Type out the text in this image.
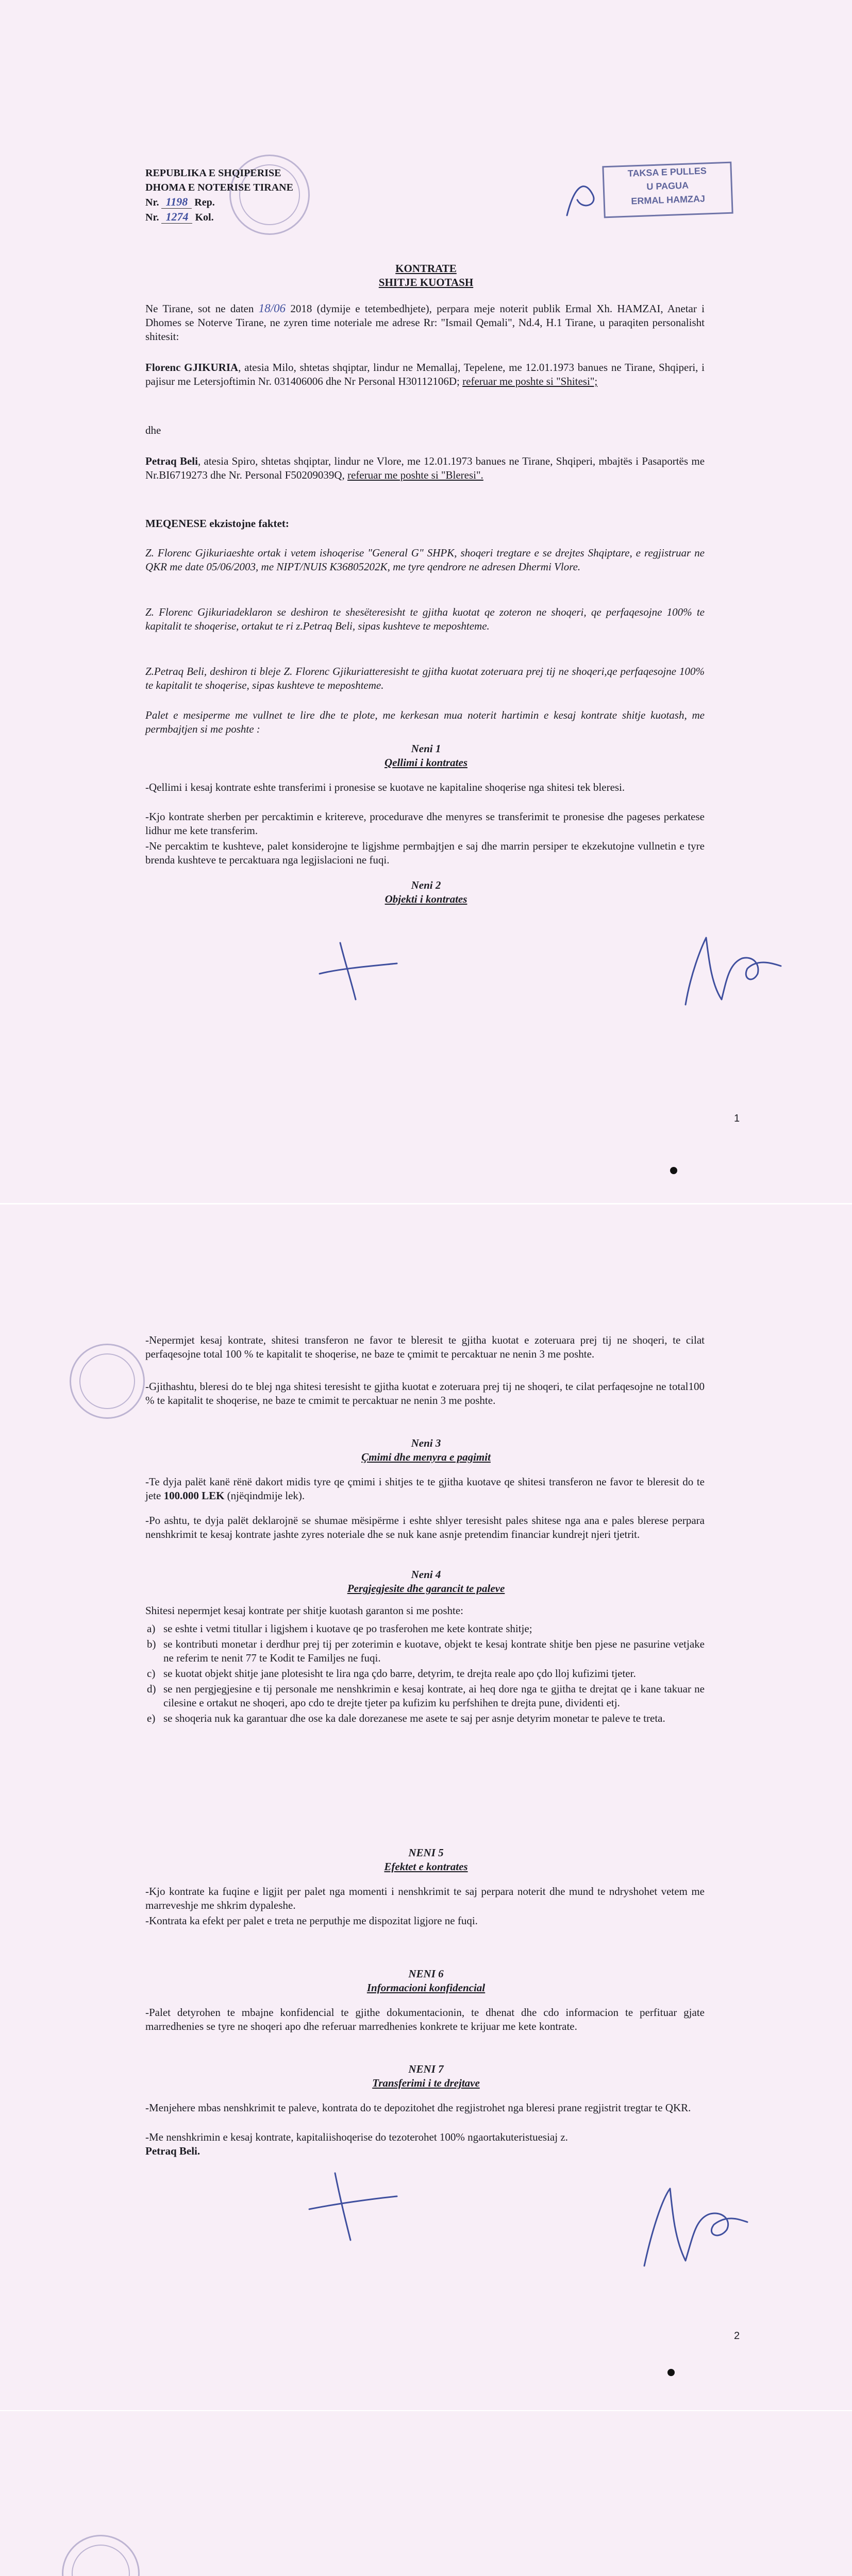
REPUBLIKA E SHQIPERISE
DHOMA E NOTERISE TIRANE
Nr. 1198 Rep.
Nr. 1274 Kol.
TAKSA E PULLES
U PAGUA
ERMAL HAMZAJ
KONTRATE
SHITJE KUOTASH
Ne Tirane, sot ne daten 18/06 2018 (dymije e tetembedhjete), perpara meje noterit publik Ermal Xh. HAMZAI, Anetar i Dhomes se Noterve Tirane, ne zyren time noteriale me adrese Rr: "Ismail Qemali", Nd.4, H.1 Tirane, u paraqiten personalisht shitesit:
Florenc GJIKURIA, atesia Milo, shtetas shqiptar, lindur ne Memallaj, Tepelene, me 12.01.1973 banues ne Tirane, Shqiperi, i pajisur me Letersjoftimin Nr. 031406006 dhe Nr Personal H30112106D; referuar me poshte si "Shitesi";
dhe
Petraq Beli, atesia Spiro, shtetas shqiptar, lindur ne Vlore, me 12.01.1973 banues ne Tirane, Shqiperi, mbajtës i Pasaportës me Nr.BI6719273 dhe Nr. Personal F50209039Q, referuar me poshte si "Bleresi".
MEQENESE ekzistojne faktet:
Z. Florenc Gjikuriaeshte ortak i vetem ishoqerise "General G" SHPK, shoqeri tregtare e se drejtes Shqiptare, e regjistruar ne QKR me date 05/06/2003, me NIPT/NUIS K36805202K, me tyre qendrore ne adresen Dhermi Vlore.
Z. Florenc Gjikuriadeklaron se deshiron te shesëteresisht te gjitha kuotat qe zoteron ne shoqeri, qe perfaqesojne 100% te kapitalit te shoqerise, ortakut te ri z.Petraq Beli, sipas kushteve te meposhteme.
Z.Petraq Beli, deshiron ti bleje Z. Florenc Gjikuriatteresisht te gjitha kuotat zoteruara prej tij ne shoqeri,qe perfaqesojne 100% te kapitalit te shoqerise, sipas kushteve te meposhteme.
Palet e mesiperme me vullnet te lire dhe te plote, me kerkesan mua noterit hartimin e kesaj kontrate shitje kuotash, me permbajtjen si me poshte :
Neni 1
Qellimi i kontrates
-Qellimi i kesaj kontrate eshte transferimi i pronesise se kuotave ne kapitaline shoqerise nga shitesi tek bleresi.
-Kjo kontrate sherben per percaktimin e kritereve, procedurave dhe menyres se transferimit te pronesise dhe pageses perkatese lidhur me kete transferim.
-Ne percaktim te kushteve, palet konsiderojne te ligjshme permbajtjen e saj dhe marrin persiper te ekzekutojne vullnetin e tyre brenda kushteve te percaktuara nga legjislacioni ne fuqi.
Neni 2
Objekti i kontrates
1
-Nepermjet kesaj kontrate, shitesi transferon ne favor te bleresit te gjitha kuotat e zoteruara prej tij ne shoqeri, te cilat perfaqesojne total 100 % te kapitalit te shoqerise, ne baze te çmimit te percaktuar ne nenin 3 me poshte.
-Gjithashtu, bleresi do te blej nga shitesi teresisht te gjitha kuotat e zoteruara prej tij ne shoqeri, te cilat perfaqesojne ne total100 % te kapitalit te shoqerise, ne baze te cmimit te percaktuar ne nenin 3 me poshte.
Neni 3
Çmimi dhe menyra e pagimit
-Te dyja palët kanë rënë dakort midis tyre qe çmimi i shitjes te te gjitha kuotave qe shitesi transferon ne favor te bleresit do te jete 100.000 LEK (njëqindmije lek).
-Po ashtu, te dyja palët deklarojnë se shumae mësipërme i eshte shlyer teresisht pales shitese nga ana e pales bleresе perpara nenshkrimit te kesaj kontrate jashte zyres noteriale dhe se nuk kane asnje pretendim financiar kundrejt njeri tjetrit.
Neni 4
Pergjegjesite dhe garancit te paleve
Shitesi nepermjet kesaj kontrate per shitje kuotash garanton si me poshte:
a) se eshte i vetmi titullar i ligjshem i kuotave qe po trasferohen me kete kontrate shitje;
b) se kontributi monetar i derdhur prej tij per zoterimin e kuotave, objekt te kesaj kontrate shitje ben pjese ne pasurine vetjake ne referim te nenit 77 te Kodit te Familjes ne fuqi.
c) se kuotat objekt shitje jane plotesisht te lira nga çdo barre, detyrim, te drejta reale apo çdo lloj kufizimi tjeter.
d) se nen pergjegjesine e tij personale me nenshkrimin e kesaj kontrate, ai heq dore nga te gjitha te drejtat qe i kane takuar ne cilesine e ortakut ne shoqeri, apo cdo te drejte tjeter pa kufizim ku perfshihen te drejta pune, dividenti etj.
e) se shoqeria nuk ka garantuar dhe ose ka dale dorezanese me asete te saj per asnje detyrim monetar te paleve te treta.
NENI 5
Efektet e kontrates
-Kjo kontrate ka fuqine e ligjit per palet nga momenti i nenshkrimit te saj perpara noterit dhe mund te ndryshohet vetem me marreveshje me shkrim dypaleshe.
-Kontrata ka efekt per palet e treta ne perputhje me dispozitat ligjore ne fuqi.
NENI 6
Informacioni konfidencial
-Palet detyrohen te mbajne konfidencial te gjithe dokumentacionin, te dhenat dhe cdo informacion te perfituar gjate marredhenies se tyre ne shoqeri apo dhe referuar marredhenies konkrete te krijuar me kete kontrate.
NENI 7
Transferimi i te drejtave
-Menjehere mbas nenshkrimit te paleve, kontrata do te depozitohet dhe regjistrohet nga bleresi prane regjistrit tregtar te QKR.
-Me nenshkrimin e kesaj kontrate, kapitaliishoqerise do tezoterohet 100% ngaortakuteristuesiaj z.
Petraq Beli.
2
